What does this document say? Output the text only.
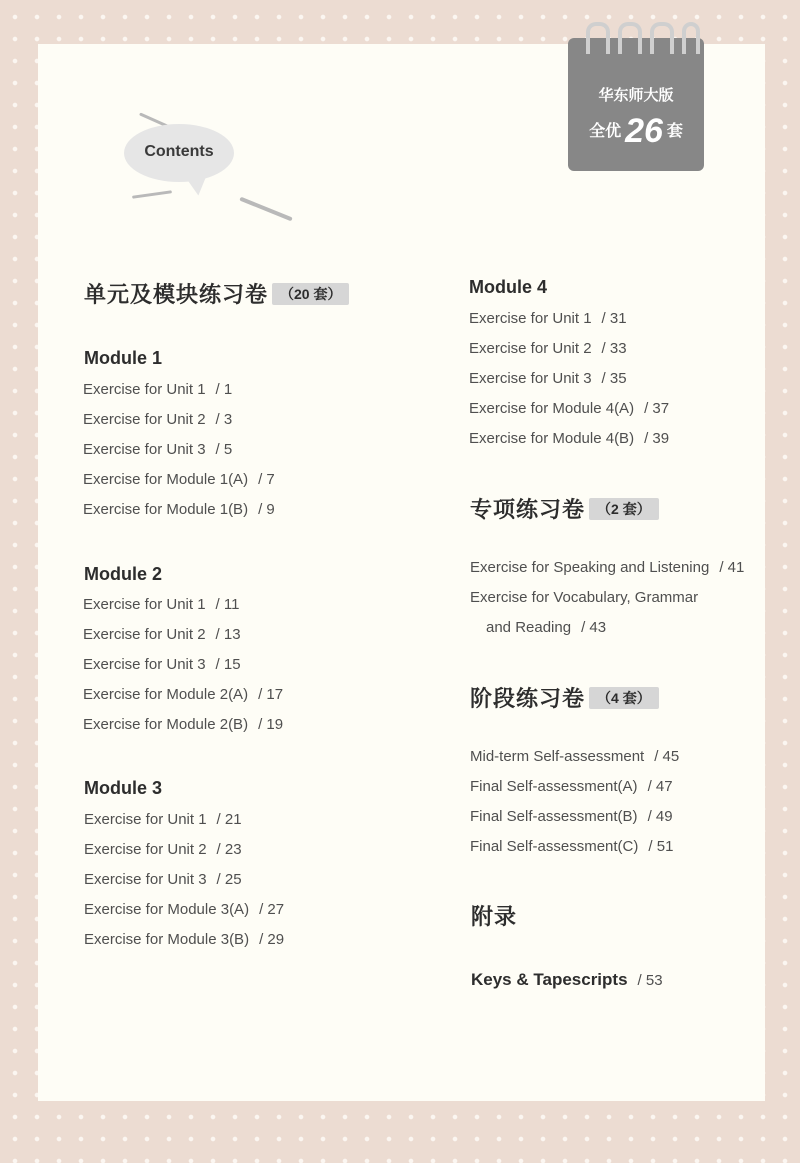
华东师大版
全优 26 套
Contents
单元及模块练习卷 （20 套）
Module 1
Exercise for Unit 1 / 1
Exercise for Unit 2 / 3
Exercise for Unit 3 / 5
Exercise for Module 1(A) / 7
Exercise for Module 1(B) / 9
Module 2
Exercise for Unit 1 / 11
Exercise for Unit 2 / 13
Exercise for Unit 3 / 15
Exercise for Module 2(A) / 17
Exercise for Module 2(B) / 19
Module 3
Exercise for Unit 1 / 21
Exercise for Unit 2 / 23
Exercise for Unit 3 / 25
Exercise for Module 3(A) / 27
Exercise for Module 3(B) / 29
Module 4
Exercise for Unit 1 / 31
Exercise for Unit 2 / 33
Exercise for Unit 3 / 35
Exercise for Module 4(A) / 37
Exercise for Module 4(B) / 39
专项练习卷 （2 套）
Exercise for Speaking and Listening / 41
Exercise for Vocabulary, Grammar
and Reading / 43
阶段练习卷 （4 套）
Mid-term Self-assessment / 45
Final Self-assessment(A) / 47
Final Self-assessment(B) / 49
Final Self-assessment(C) / 51
附录
Keys & Tapescripts / 53
